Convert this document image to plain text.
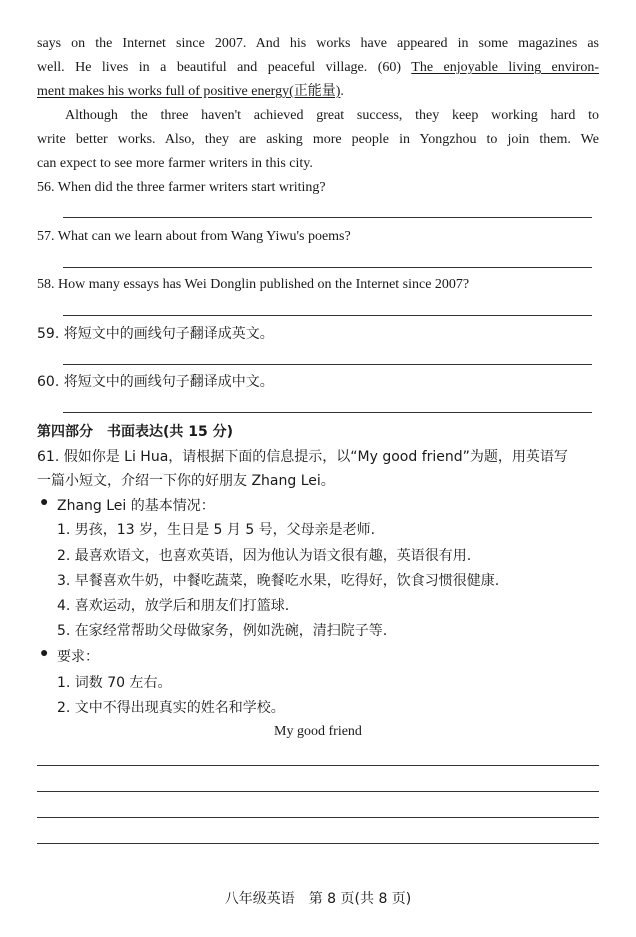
says on the Internet since 2007. And his works have appeared in some magazines as
well. He lives in a beautiful and peaceful village. (60) The enjoyable living environ-
ment makes his works full of positive energy(正能量).
Although the three haven't achieved great success, they keep working hard to
write better works. Also, they are asking more people in Yongzhou to join them. We
can expect to see more farmer writers in this city.
56. When did the three farmer writers start writing?
57. What can we learn about from Wang Yiwu's poems?
58. How many essays has Wei Donglin published on the Internet since 2007?
59. 将短文中的画线句子翻译成英文。
60. 将短文中的画线句子翻译成中文。
第四部分　书面表达(共 15 分)
61. 假如你是 Li Hua，请根据下面的信息提示，以“My good friend”为题，用英语写
一篇小短文，介绍一下你的好朋友 Zhang Lei。
● Zhang Lei 的基本情况：
1. 男孩，13 岁，生日是 5 月 5 号，父母亲是老师.
2. 最喜欢语文，也喜欢英语，因为他认为语文很有趣，英语很有用.
3. 早餐喜欢牛奶，中餐吃蔬菜，晚餐吃水果，吃得好，饮食习惯很健康.
4. 喜欢运动，放学后和朋友们打篮球.
5. 在家经常帮助父母做家务，例如洗碗，清扫院子等.
● 要求：
1. 词数 70 左右。
2. 文中不得出现真实的姓名和学校。
My good friend
八年级英语　第 8 页(共 8 页)
